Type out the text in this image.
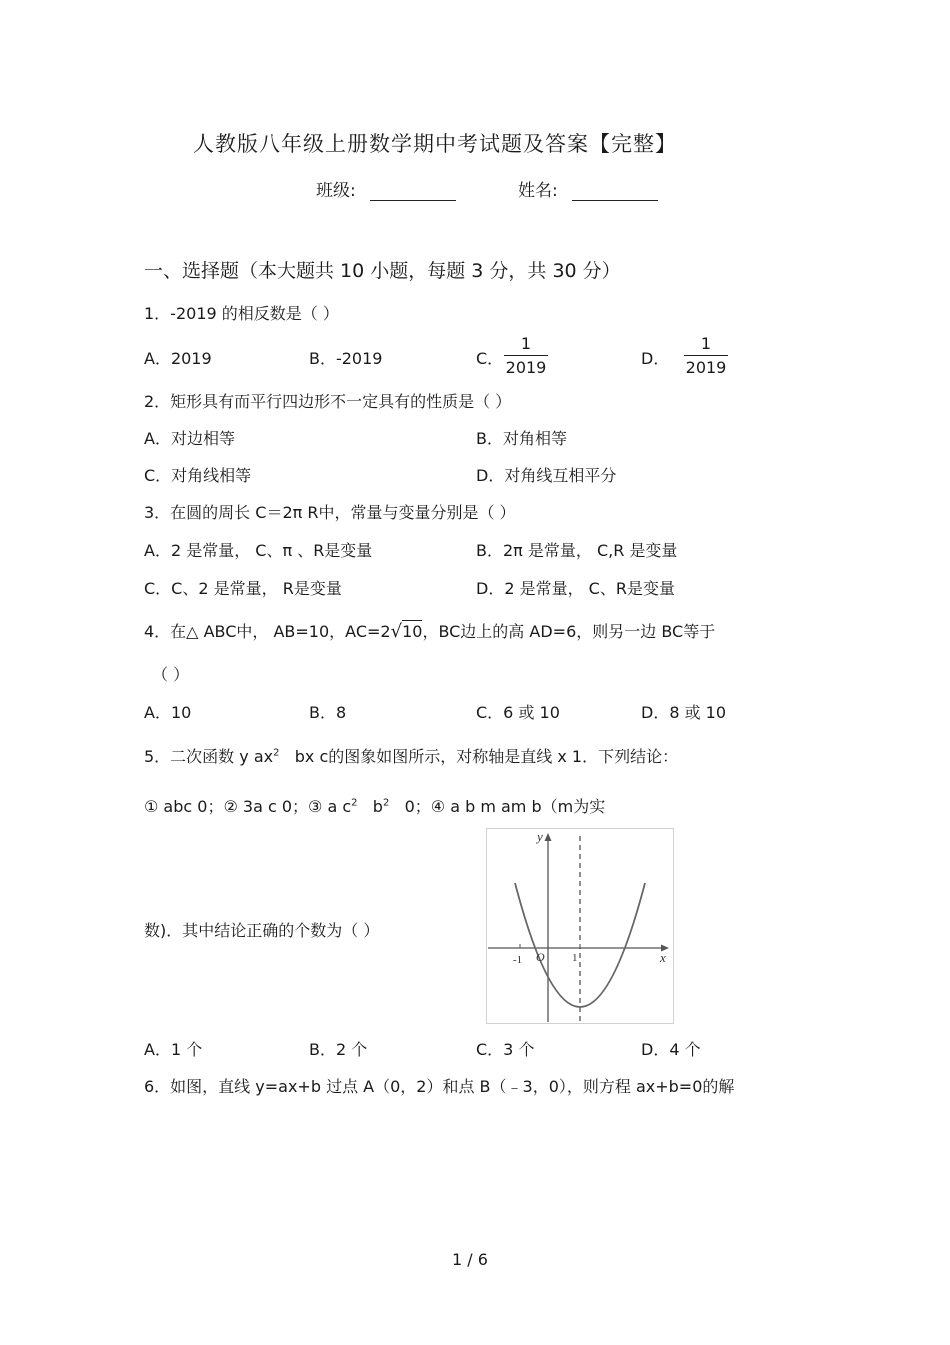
人教版八年级上册数学期中考试题及答案【完整】
班级:	姓名:
一、选择题（本大题共 10 小题，每题 3 分，共 30 分）
1．-2019 的相反数是（ ）
A．2019	B．-2019	C．
1
2019	D．
1
2019
2．矩形具有而平行四边形不一定具有的性质是（ ）
A．对边相等	B．对角相等
C．对角线相等	D．对角线互相平分
3．在圆的周长 C＝2π R中，常量与变量分别是（ ）
A．2 是常量， C、π 、R是变量	B．2π 是常量， C,R 是变量
C．C、2 是常量， R是变量	D．2 是常量， C、R是变量
4．在△ ABC中， AB=10，AC=2√10，BC边上的高 AD=6，则另一边 BC等于
（ ）
A．10	B．8	C．6 或 10	D．8 或 10
5．二次函数 y $ax^2$ bx c的图象如图所示，对称轴是直线 x 1．下列结论：
① abc 0；② 3a c 0；③ a $c^2$ $b^2$ 0；④ a b m am b（m为实
数)．其中结论正确的个数为（ ）
y
x
O
-1	1
A．1 个	B．2 个	C．3 个	D．4 个
6．如图，直线 y=ax+b 过点 A（0，2）和点 B（﹣3，0），则方程 ax+b=0的解
1 / 6
